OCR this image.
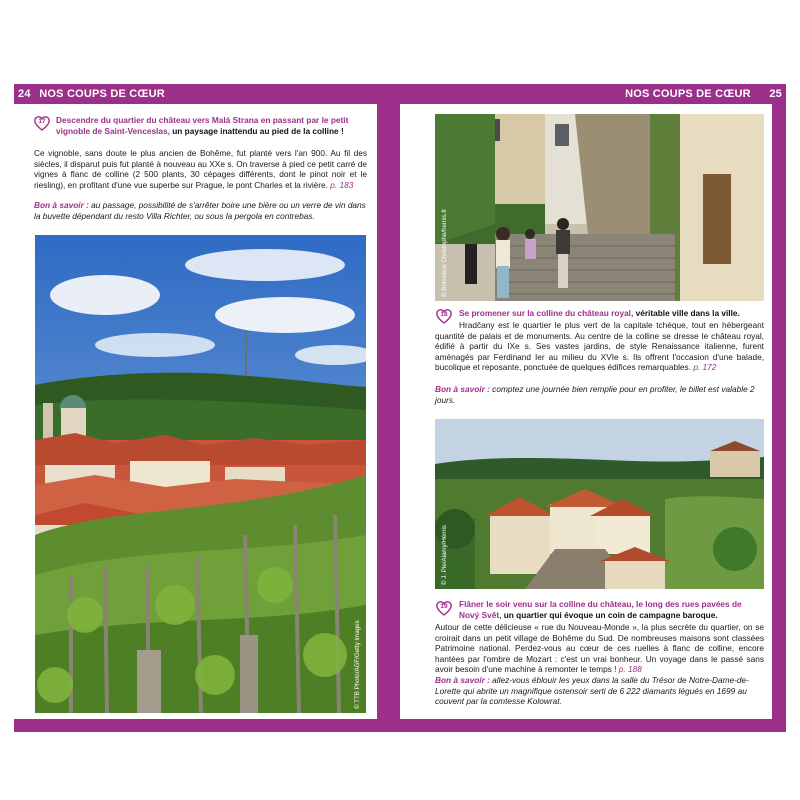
24 NOS COUPS DE CŒUR	NOS COUPS DE CŒUR 25
17	Descendre du quartier du château vers Malá Strana en passant par le petit vignoble de Saint-Venceslas, un paysage inattendu au pied de la colline !
Ce vignoble, sans doute le plus ancien de Bohême, fut planté vers l'an 900. Au fil des siècles, il disparut puis fut planté à nouveau au XXe s. On traverse à pied ce petit carré de vignes à flanc de colline (2 500 plants, 30 cépages différents, dont le pinot noir et le riesling), en profitant d'une vue superbe sur Prague, le pont Charles et la rivière. p. 183
Bon à savoir : au passage, possibilité de s'arrêter boire une bière ou un verre de vin dans la buvette dépendant du resto Villa Richter, ou sous la pergola en contrebas.
© TTB Photo/AGF/Getty Images
© Boisvieux Christophe/hemis.fr
18	Se promener sur la colline du château royal, véritable ville dans la ville.
Hradčany est le quartier le plus vert de la capitale tchèque, tout en hébergeant quantité de palais et de monuments. Au centre de la colline se dresse le château royal, édifié à partir du IXe s. Ses vastes jardins, de style Renaissance italienne, furent aménagés par Ferdinand Ier au milieu du XVIe s. Ils offrent l'occasion d'une balade, bucolique et reposante, ponctuée de quelques édifices remarquables. p. 172
Bon à savoir : comptez une journée bien remplie pour en profiter, le billet est valable 2 jours.
© J. Pie/Alamy/Hémis
19	Flâner le soir venu sur la colline du château, le long des rues pavées de Nový Svět, un quartier qui évoque un coin de campagne baroque.
Autour de cette délicieuse « rue du Nouveau-Monde », la plus secrète du quartier, on se croirait dans un petit village de Bohême du Sud. De nombreuses maisons sont classées Patrimoine national. Perdez-vous au cœur de ces ruelles à flanc de colline, encore hantées par l'ombre de Mozart : c'est un vrai bonheur. Un voyage dans le passé sans avoir besoin d'une machine à remonter le temps ! p. 188
Bon à savoir : allez-vous éblouir les yeux dans la salle du Trésor de Notre-Dame-de-Lorette qui abrite un magnifique ostensoir serti de 6 222 diamants légués en 1699 au couvent par la comtesse Kolowrat.
